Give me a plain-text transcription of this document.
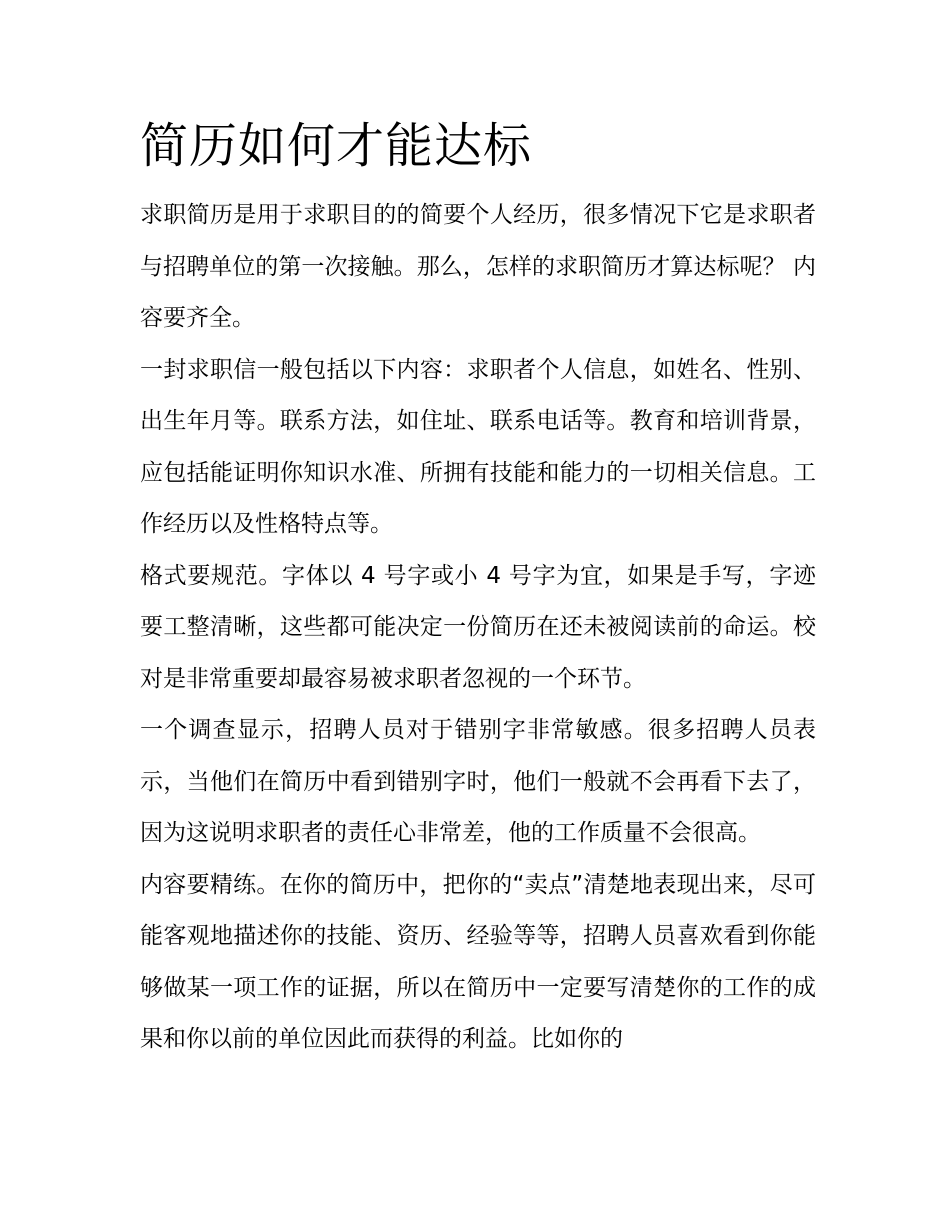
简历如何才能达标

求职简历是用于求职目的的简要个人经历，很多情况下它是求职者与招聘单位的第一次接触。那么，怎样的求职简历才算达标呢？ 内容要齐全。

一封求职信一般包括以下内容：求职者个人信息，如姓名、性别、出生年月等。联系方法，如住址、联系电话等。教育和培训背景，应包括能证明你知识水准、所拥有技能和能力的一切相关信息。工作经历以及性格特点等。

格式要规范。字体以 4 号字或小 4 号字为宜，如果是手写，字迹要工整清晰，这些都可能决定一份简历在还未被阅读前的命运。校对是非常重要却最容易被求职者忽视的一个环节。

一个调查显示，招聘人员对于错别字非常敏感。很多招聘人员表示，当他们在简历中看到错别字时，他们一般就不会再看下去了，因为这说明求职者的责任心非常差，他的工作质量不会很高。

内容要精练。在你的简历中，把你的“卖点”清楚地表现出来，尽可能客观地描述你的技能、资历、经验等等，招聘人员喜欢看到你能够做某一项工作的证据，所以在简历中一定要写清楚你的工作的成果和你以前的单位因此而获得的利益。比如你的
